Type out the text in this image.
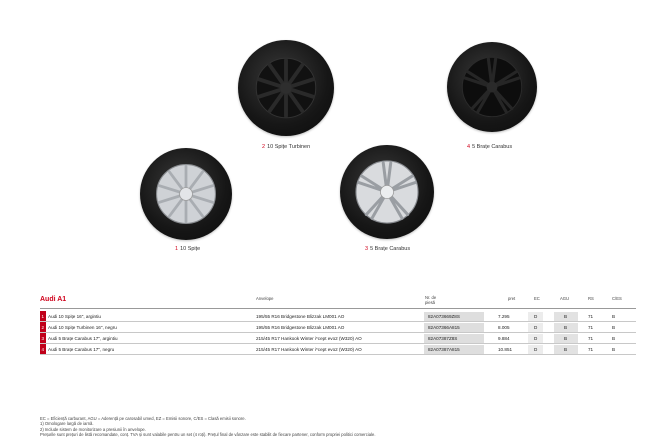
2 10 Spițe Turbinen	4 5 Brațe Carabus
1 10 Spițe	3 5 Brațe Carabus
Audi A1	Anvelope	Nr. de piesă
pret	EC	AGU	RS	C/ES
1 Audi 10 Spițe 16", argintiu	195/55 R16 Bridgestone Blizzak LM001 AO	82A073669Z8S	7.295	D	B	71	B
2 Audi 10 Spițe Turbinen 16", negru	195/55 R16 Bridgestone Blizzak LM001 AO	82A07366A815	8.005	D	B	71	B
3 Audi 5 Brațe Carabus 17", argintiu	215/45 R17 Hankook Winter i*cept evo2 (W320) AO	82A07387Z8S	9.884	D	B	71	B
4 Audi 5 Brațe Carabus 17", negru	215/45 R17 Hankook Winter i*cept evo2 (W320) AO	82A07387A815	10.851	D	B	71	B
EC = Eficiență carburant, AGU = Aderență pe carosabil umed, EZ = Emisii sonore, C/ES = Clasă emisii sonore.
1) Omologare largă de iarnă.
2) Include sistem de monitorizare a presiunii în anvelope.
Prețurile sunt prețuri de listă recomandate, conț. TVA și sunt valabile pentru un set (4 roți). Prețul final de vânzare este stabilit de fiecare partener, conform propriei politici comerciale.
